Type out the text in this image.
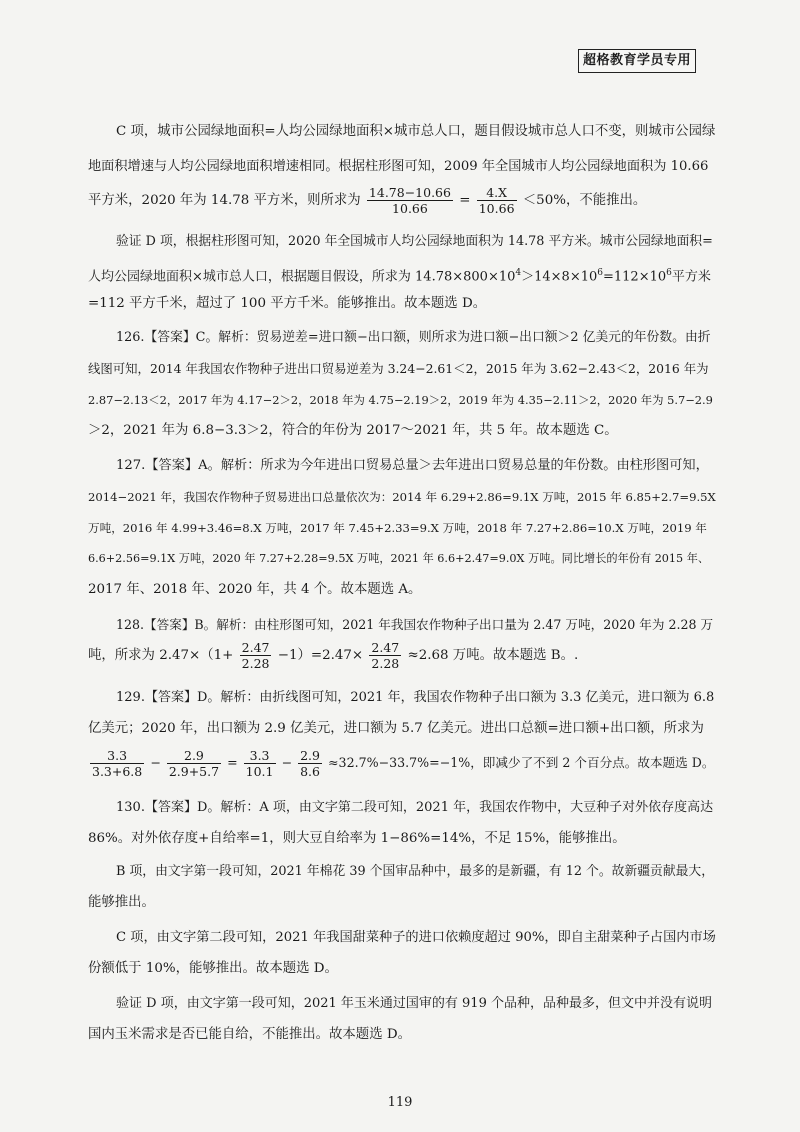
超格教育学员专用
C 项，城市公园绿地面积=人均公园绿地面积×城市总人口，题目假设城市总人口不变，则城市公园绿
地面积增速与人均公园绿地面积增速相同。根据柱形图可知，2009 年全国城市人均公园绿地面积为 10.66
平方米，2020 年为 14.78 平方米，则所求为 $\frac{14.78-10.66}{10.66} = \frac{4.X}{10.66} <50\%$，不能推出。
验证 D 项，根据柱形图可知，2020 年全国城市人均公园绿地面积为 14.78 平方米。城市公园绿地面积=
人均公园绿地面积×城市总人口，根据题目假设，所求为 $14.78\times 800\times 10^4>14\times 8\times 10^6=112\times 10^6$平方米
=112 平方千米，超过了 100 平方千米。能够推出。故本题选 D。
126.【答案】C。解析：贸易逆差=进口额−出口额，则所求为进口额−出口额＞2 亿美元的年份数。由折
线图可知，2014 年我国农作物种子进出口贸易逆差为 3.24−2.61＜2，2015 年为 3.62−2.43＜2，2016 年为
2.87−2.13＜2，2017 年为 4.17−2＞2，2018 年为 4.75−2.19＞2，2019 年为 4.35−2.11＞2，2020 年为 5.7−2.9
＞2，2021 年为 6.8−3.3＞2，符合的年份为 2017～2021 年，共 5 年。故本题选 C。
127.【答案】A。解析：所求为今年进出口贸易总量＞去年进出口贸易总量的年份数。由柱形图可知，
2014−2021 年，我国农作物种子贸易进出口总量依次为：2014 年 6.29+2.86=9.1X 万吨，2015 年 6.85+2.7=9.5X
万吨，2016 年 4.99+3.46=8.X 万吨，2017 年 7.45+2.33=9.X 万吨，2018 年 7.27+2.86=10.X 万吨，2019 年
6.6+2.56=9.1X 万吨，2020 年 7.27+2.28=9.5X 万吨，2021 年 6.6+2.47=9.0X 万吨。同比增长的年份有 2015 年、
2017 年、2018 年、2020 年，共 4 个。故本题选 A。
128.【答案】B。解析：由柱形图可知，2021 年我国农作物种子出口量为 2.47 万吨，2020 年为 2.28 万
吨，所求为 $2.47\times(1+ \frac{2.47}{2.28} -1)=2.47\times \frac{2.47}{2.28} \approx 2.68$ 万吨。故本题选 B。.
129.【答案】D。解析：由折线图可知，2021 年，我国农作物种子出口额为 3.3 亿美元，进口额为 6.8
亿美元；2020 年，出口额为 2.9 亿美元，进口额为 5.7 亿美元。进出口总额=进口额+出口额，所求为
$\frac{3.3}{3.3+6.8} - \frac{2.9}{2.9+5.7} = \frac{3.3}{10.1} - \frac{2.9}{8.6} \approx 32.7\%-33.7\%=-1\%$，即减少了不到 2 个百分点。故本题选 D。
130.【答案】D。解析：A 项，由文字第二段可知，2021 年，我国农作物中，大豆种子对外依存度高达
86%。对外依存度+自给率=1，则大豆自给率为 1−86%=14%，不足 15%，能够推出。
B 项，由文字第一段可知，2021 年棉花 39 个国审品种中，最多的是新疆，有 12 个。故新疆贡献最大，
能够推出。
C 项，由文字第二段可知，2021 年我国甜菜种子的进口依赖度超过 90%，即自主甜菜种子占国内市场
份额低于 10%，能够推出。故本题选 D。
验证 D 项，由文字第一段可知，2021 年玉米通过国审的有 919 个品种，品种最多，但文中并没有说明
国内玉米需求是否已能自给，不能推出。故本题选 D。
119
